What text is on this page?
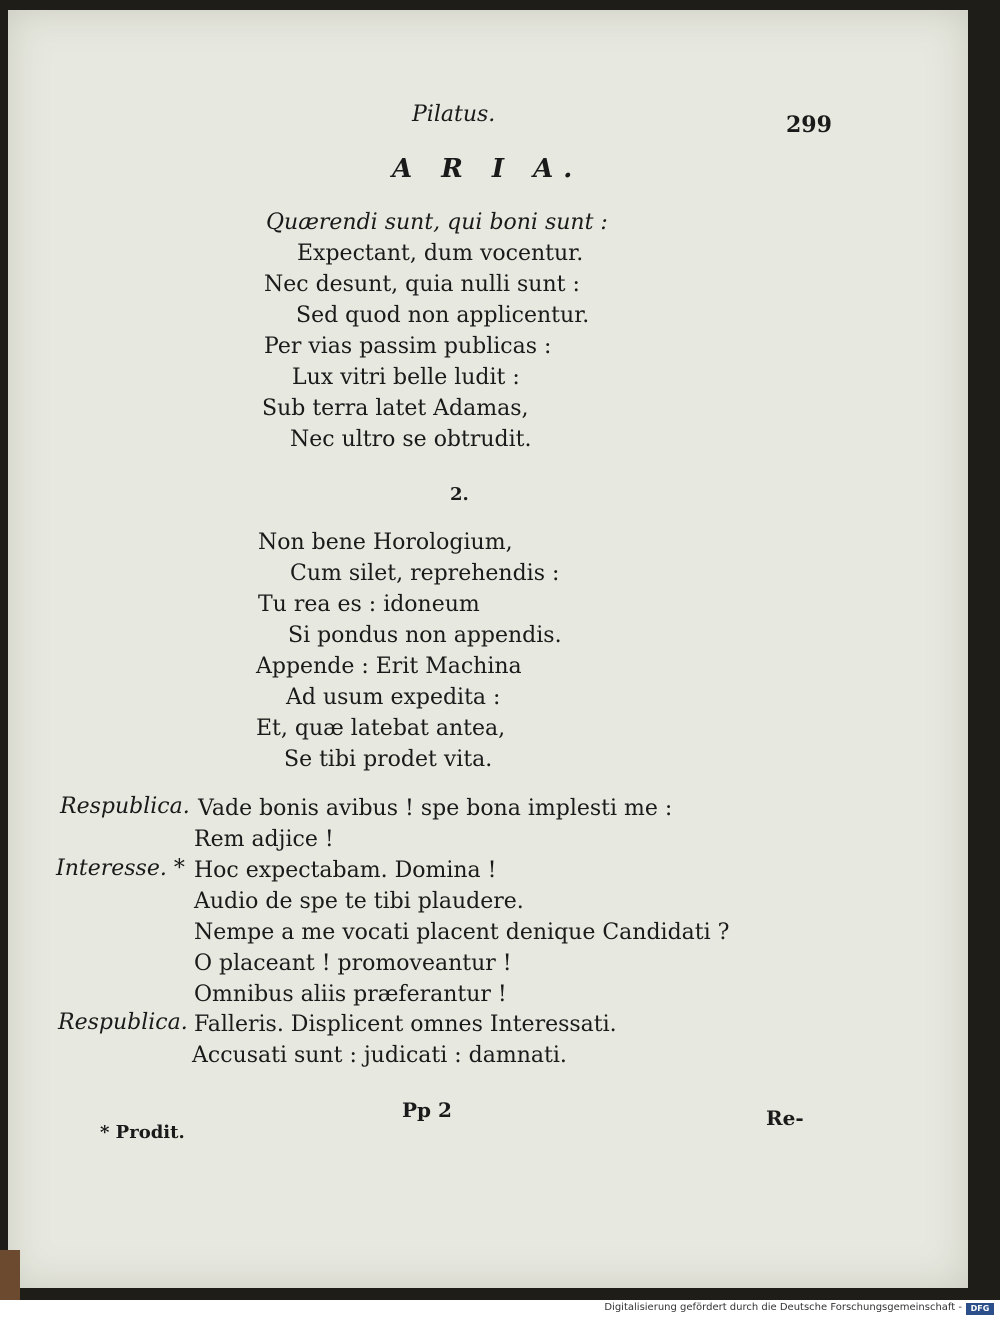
Pilatus.	299
A R I A.
Quærendi sunt, qui boni sunt :
Expectant, dum vocentur.
Nec desunt, quia nulli sunt :
Sed quod non applicentur.
Per vias passim publicas :
Lux vitri belle ludit :
Sub terra latet Adamas,
Nec ultro se obtrudit.
2.
Non bene Horologium,
Cum silet, reprehendis :
Tu rea es : idoneum
Si pondus non appendis.
Appende : Erit Machina
Ad usum expedita :
Et, quæ latebat antea,
Se tibi prodet vita.
Respublica. Vade bonis avibus ! spe bona implesti me :
Rem adjice !
Interesse. * Hoc expectabam. Domina !
Audio de spe te tibi plaudere.
Nempe a me vocati placent denique Candidati ?
O placeant ! promoveantur !
Omnibus aliis præferantur !
Respublica. Falleris. Displicent omnes Interessati.
Accusati sunt : judicati : damnati.
Pp 2	Re-
* Prodit.
Digitalisierung gefördert durch die Deutsche Forschungsgemeinschaft -	DFG
